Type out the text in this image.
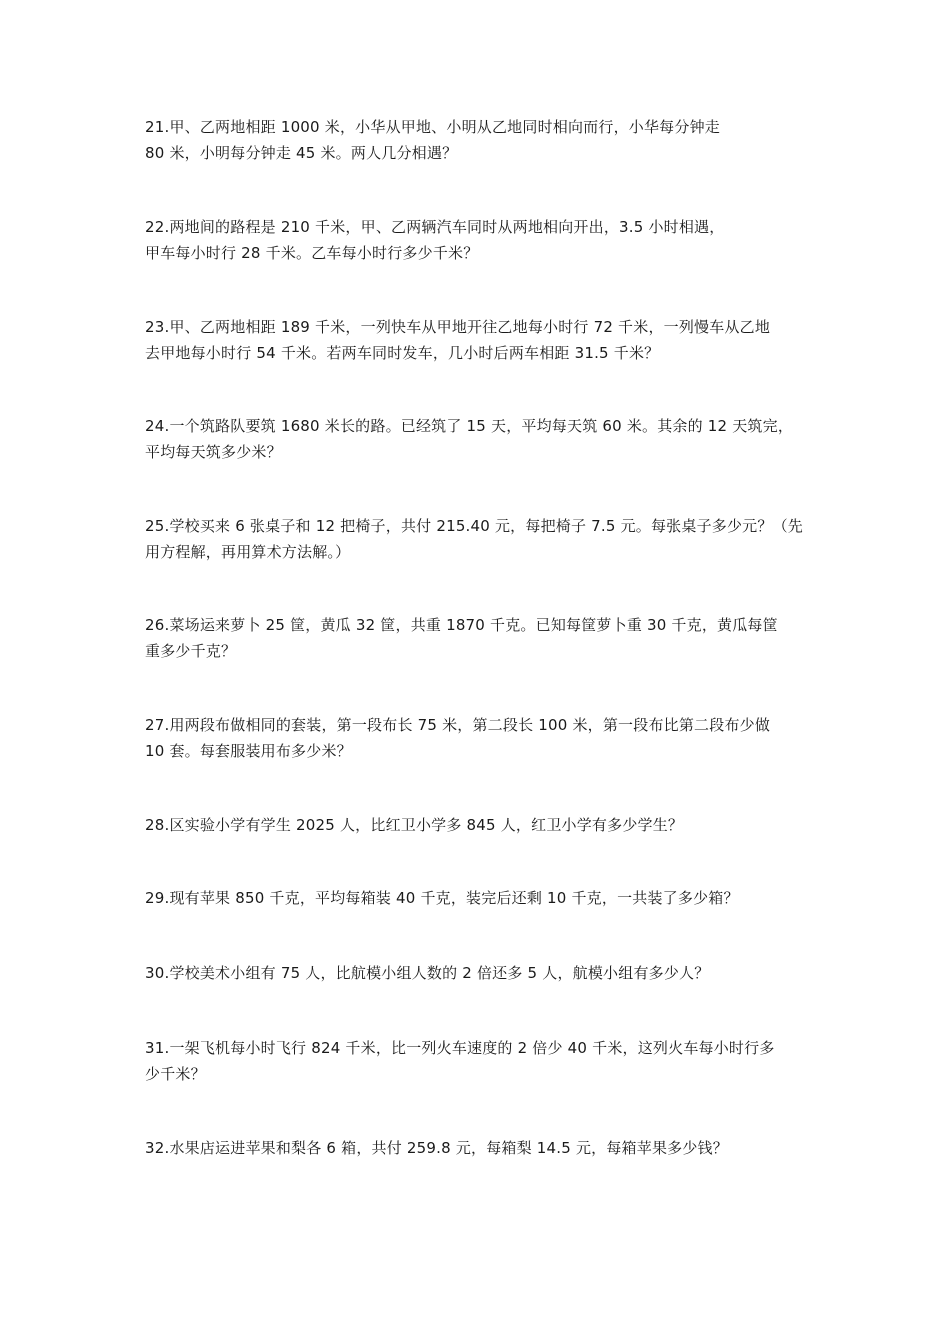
21.甲、乙两地相距 1000 米，小华从甲地、小明从乙地同时相向而行，小华每分钟走
80 米，小明每分钟走 45 米。两人几分相遇？
22.两地间的路程是 210 千米，甲、乙两辆汽车同时从两地相向开出，3.5 小时相遇，
甲车每小时行 28 千米。乙车每小时行多少千米？
23.甲、乙两地相距 189 千米，一列快车从甲地开往乙地每小时行 72 千米，一列慢车从乙地
去甲地每小时行 54 千米。若两车同时发车，几小时后两车相距 31.5 千米？
24.一个筑路队要筑 1680 米长的路。已经筑了 15 天，平均每天筑 60 米。其余的 12 天筑完，
平均每天筑多少米？
25.学校买来 6 张桌子和 12 把椅子，共付 215.40 元，每把椅子 7.5 元。每张桌子多少元？（先
用方程解，再用算术方法解。）
26.菜场运来萝卜 25 筐，黄瓜 32 筐，共重 1870 千克。已知每筐萝卜重 30 千克，黄瓜每筐
重多少千克？
27.用两段布做相同的套装，第一段布长 75 米，第二段长 100 米，第一段布比第二段布少做
10 套。每套服装用布多少米？
28.区实验小学有学生 2025 人，比红卫小学多 845 人，红卫小学有多少学生？
29.现有苹果 850 千克，平均每箱装 40 千克，装完后还剩 10 千克，一共装了多少箱？
30.学校美术小组有 75 人，比航模小组人数的 2 倍还多 5 人，航模小组有多少人？
31.一架飞机每小时飞行 824 千米，比一列火车速度的 2 倍少 40 千米，这列火车每小时行多
少千米？
32.水果店运进苹果和梨各 6 箱，共付 259.8 元，每箱梨 14.5 元，每箱苹果多少钱？
